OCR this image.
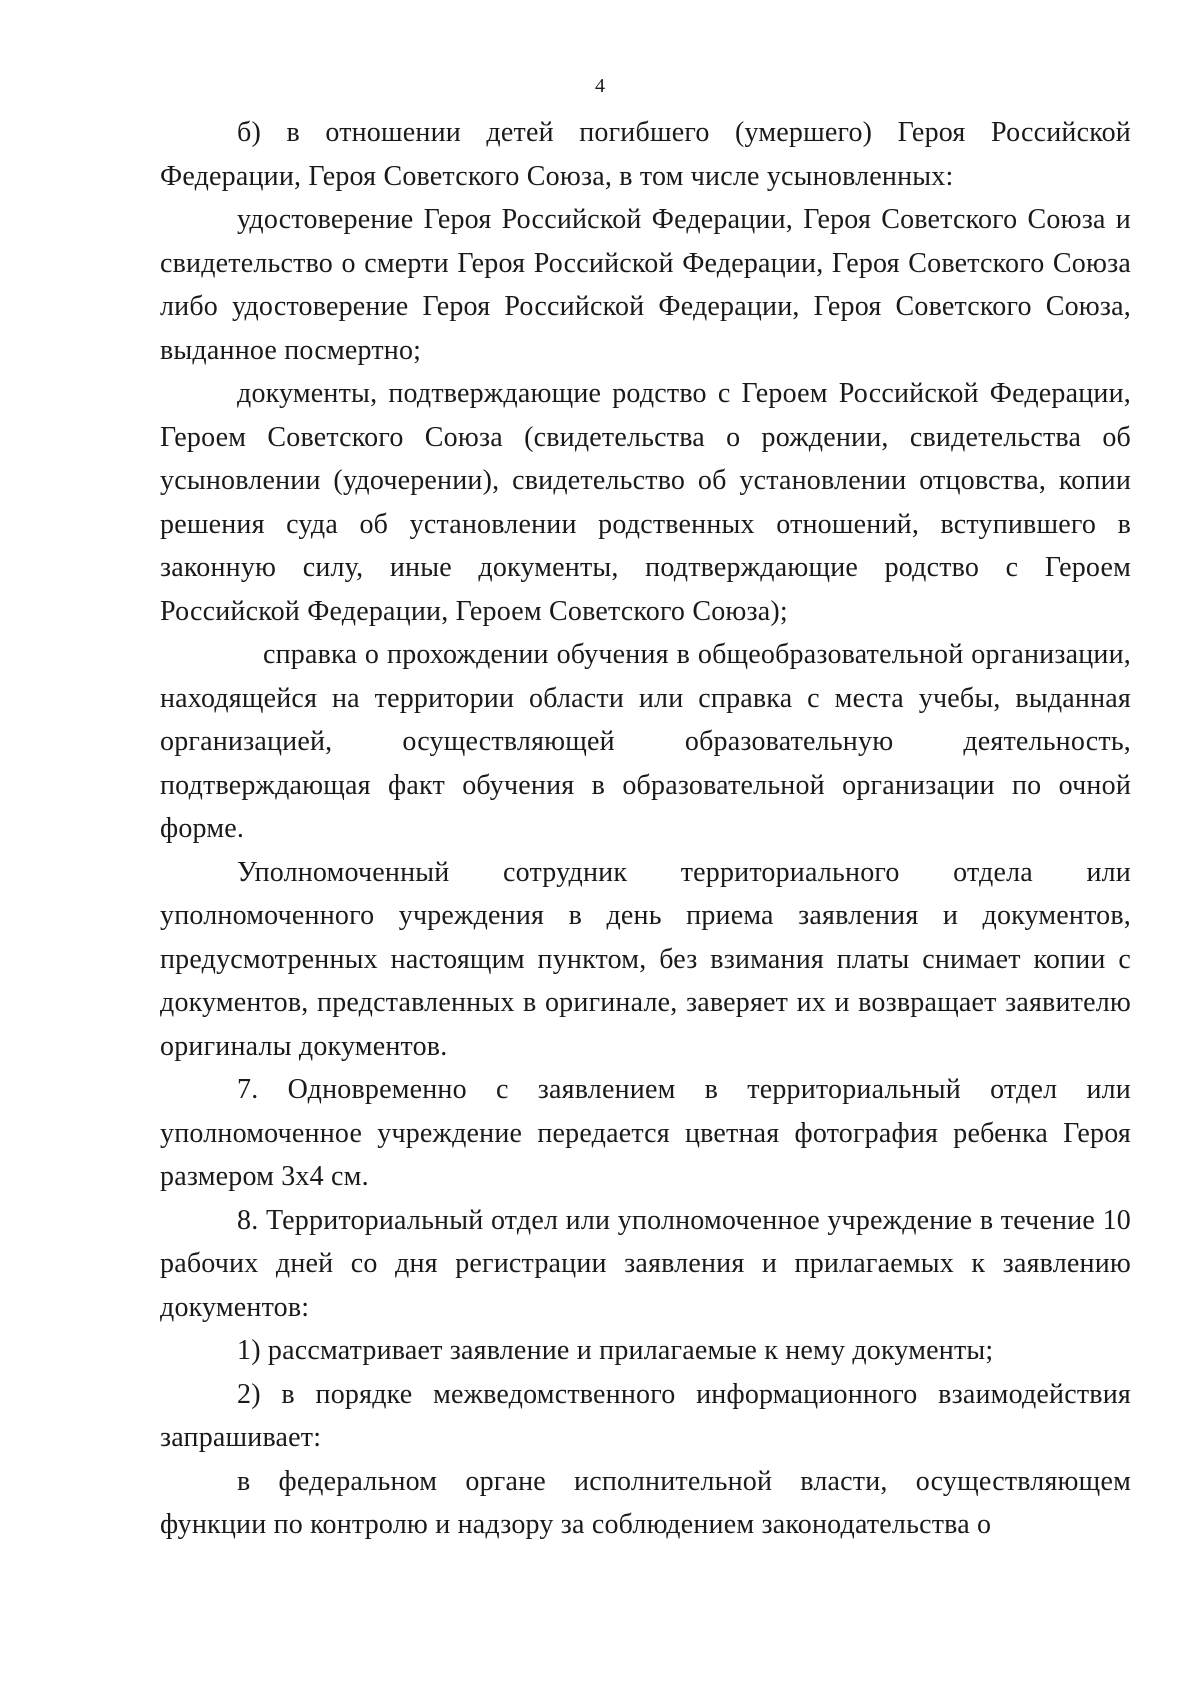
4

б) в отношении детей погибшего (умершего) Героя Российской Федерации, Героя Советского Союза, в том числе усыновленных:

удостоверение Героя Российской Федерации, Героя Советского Союза и свидетельство о смерти Героя Российской Федерации, Героя Советского Союза либо удостоверение Героя Российской Федерации, Героя Советского Союза, выданное посмертно;

документы, подтверждающие родство с Героем Российской Федерации, Героем Советского Союза (свидетельства о рождении, свидетельства об усыновлении (удочерении), свидетельство об установлении отцовства, копии решения суда об установлении родственных отношений, вступившего в законную силу, иные документы, подтверждающие родство с Героем Российской Федерации, Героем Советского Союза);

справка о прохождении обучения в общеобразовательной организации, находящейся на территории области или справка с места учебы, выданная организацией, осуществляющей образовательную деятельность, подтверждающая факт обучения в образовательной организации по очной форме.

Уполномоченный сотрудник территориального отдела или уполномоченного учреждения в день приема заявления и документов, предусмотренных настоящим пунктом, без взимания платы снимает копии с документов, представленных в оригинале, заверяет их и возвращает заявителю оригиналы документов.

7. Одновременно с заявлением в территориальный отдел или уполномоченное учреждение передается цветная фотография ребенка Героя размером 3х4 см.

8. Территориальный отдел или уполномоченное учреждение в течение 10 рабочих дней со дня регистрации заявления и прилагаемых к заявлению документов:

1) рассматривает заявление и прилагаемые к нему документы;

2) в порядке межведомственного информационного взаимодействия запрашивает:

в федеральном органе исполнительной власти, осуществляющем функции по контролю и надзору за соблюдением законодательства о
